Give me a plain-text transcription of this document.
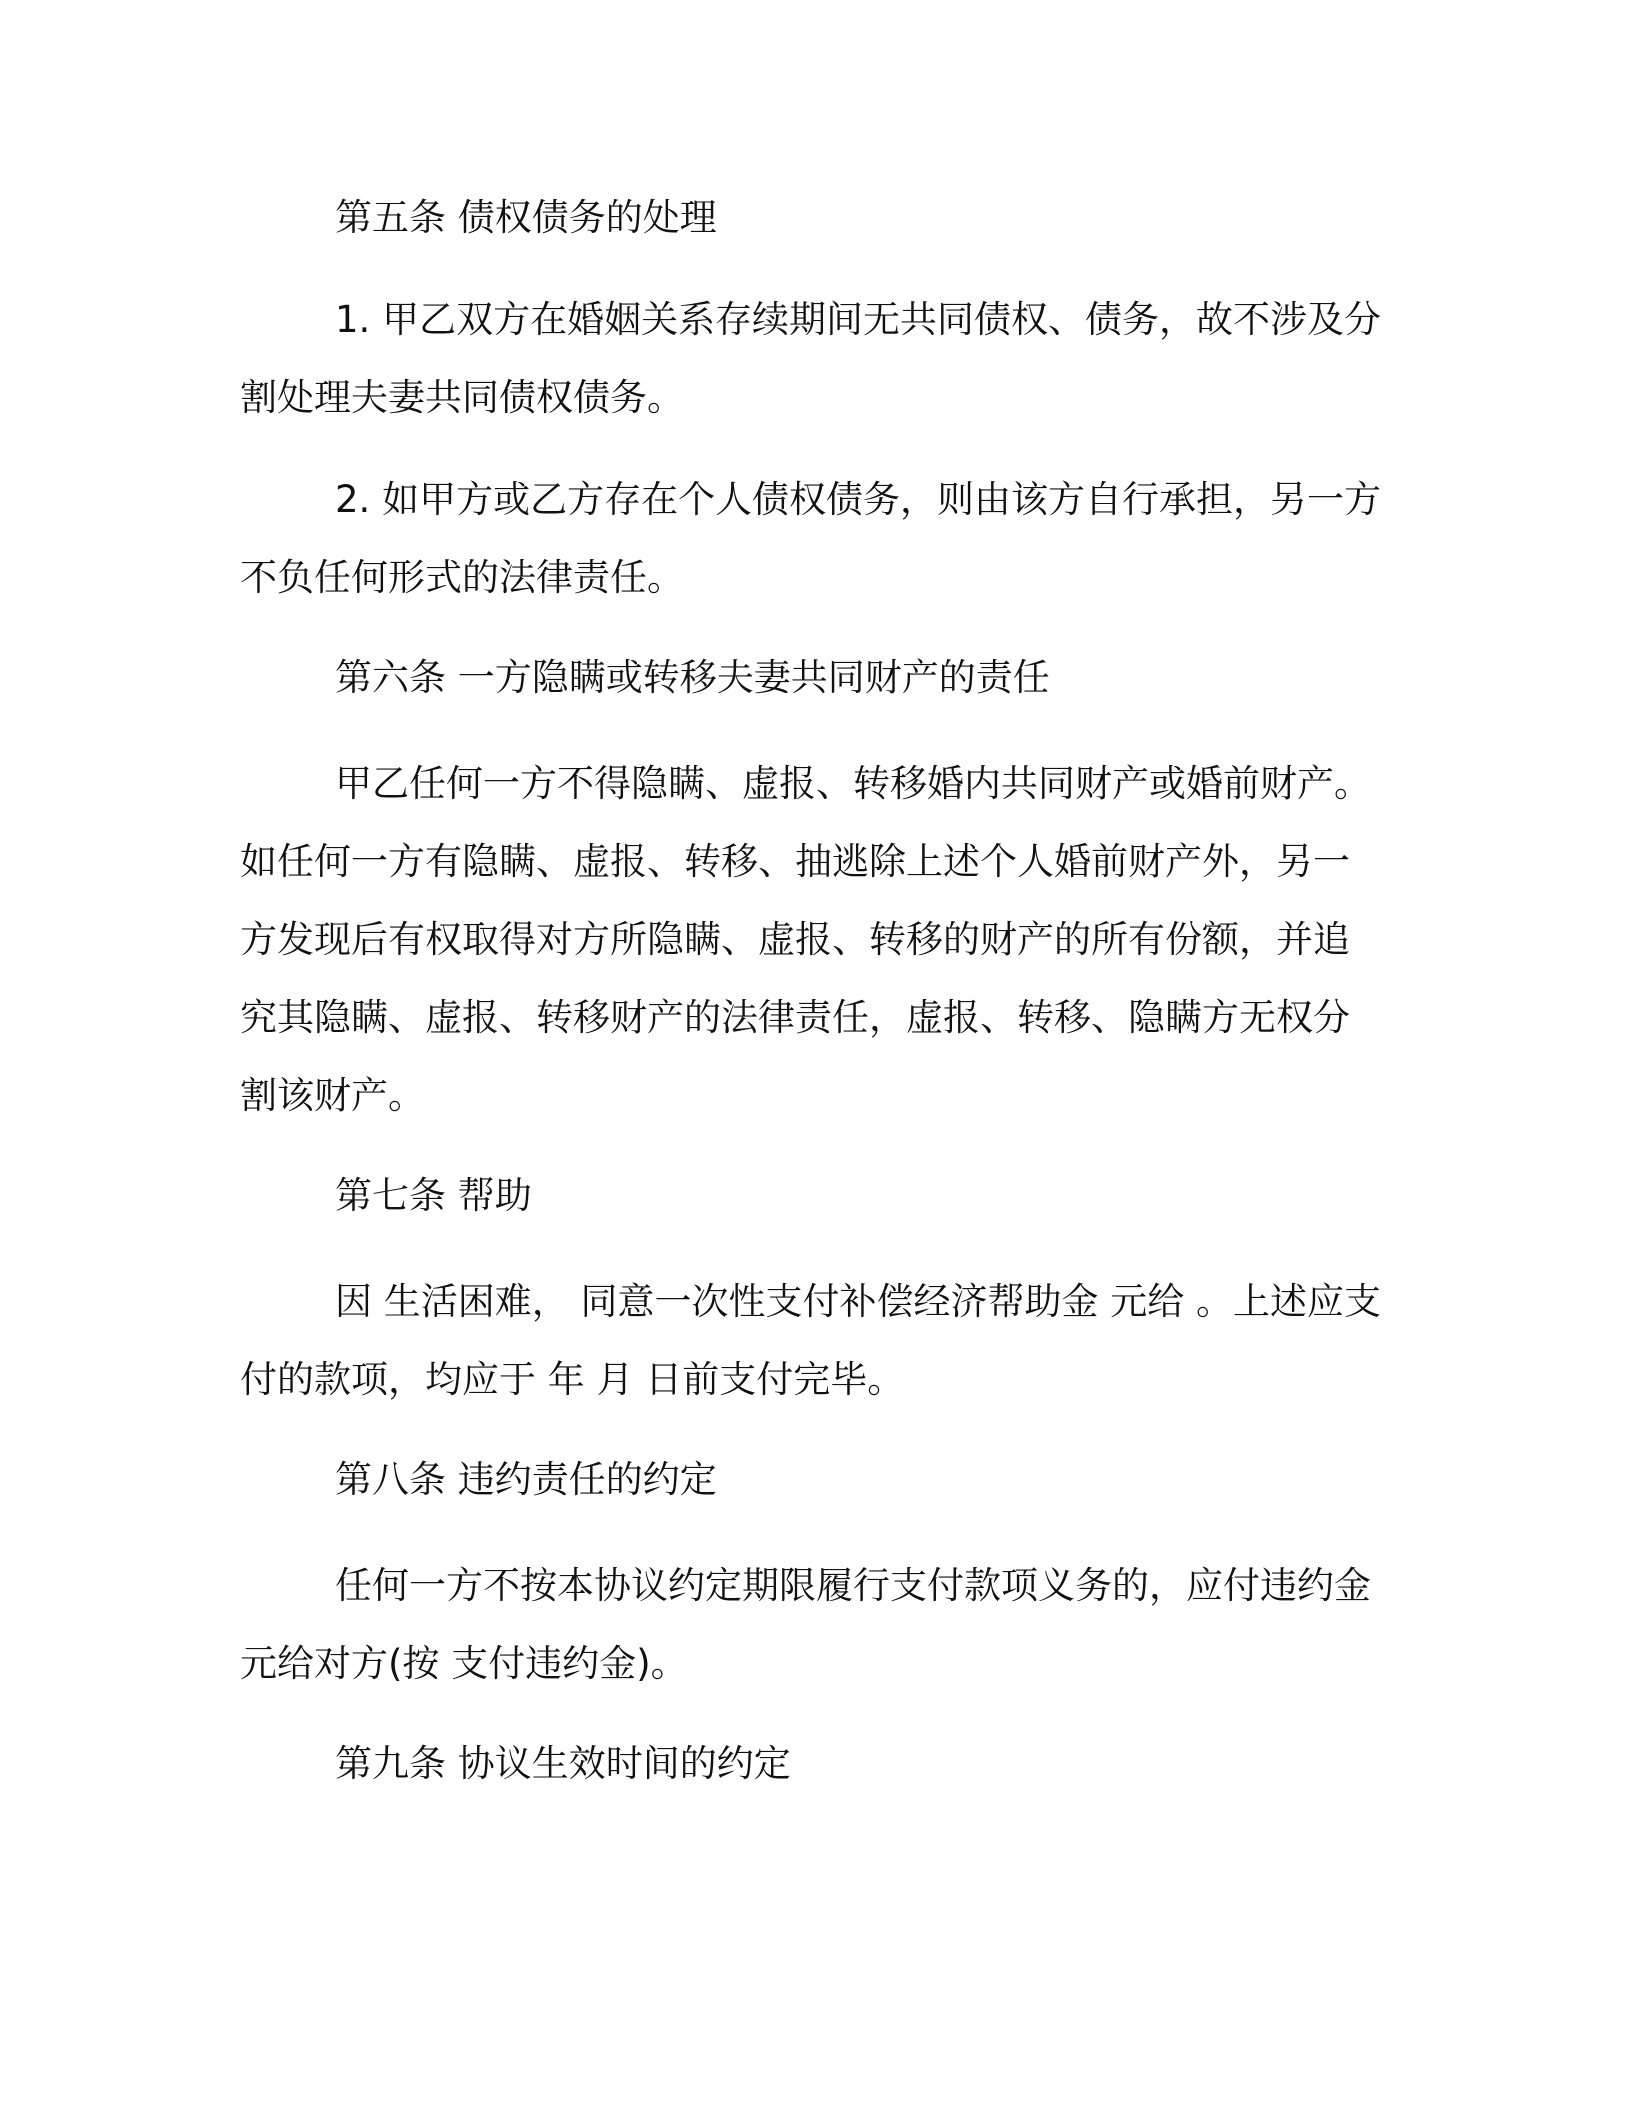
第五条 债权债务的处理

1. 甲乙双方在婚姻关系存续期间无共同债权、债务，故不涉及分

割处理夫妻共同债权债务。

2. 如甲方或乙方存在个人债权债务，则由该方自行承担，另一方

不负任何形式的法律责任。

第六条 一方隐瞒或转移夫妻共同财产的责任

甲乙任何一方不得隐瞒、虚报、转移婚内共同财产或婚前财产。

如任何一方有隐瞒、虚报、转移、抽逃除上述个人婚前财产外，另一

方发现后有权取得对方所隐瞒、虚报、转移的财产的所有份额，并追

究其隐瞒、虚报、转移财产的法律责任，虚报、转移、隐瞒方无权分

割该财产。

第七条 帮助

因 生活困难， 同意一次性支付补偿经济帮助金 元给 。上述应支

付的款项，均应于 年 月 日前支付完毕。

第八条 违约责任的约定

任何一方不按本协议约定期限履行支付款项义务的，应付违约金

元给对方(按 支付违约金)。

第九条 协议生效时间的约定
